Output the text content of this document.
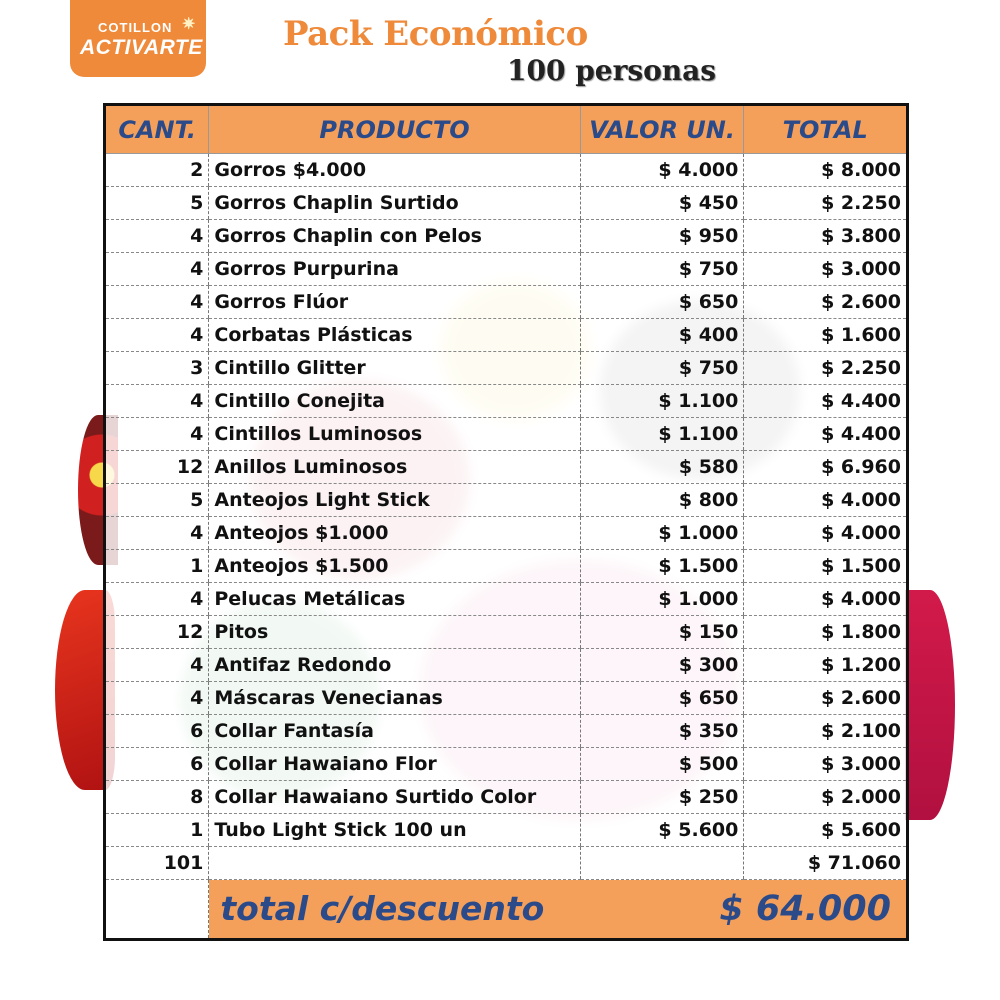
COTILLON ✷
ACTIVARTE Pack Económico
100 personas
CANT.	PRODUCTO	VALOR UN.	TOTAL
2	Gorros $4.000	$ 4.000	$ 8.000
5	Gorros Chaplin Surtido	$ 450	$ 2.250
4	Gorros Chaplin con Pelos	$ 950	$ 3.800
4	Gorros Purpurina	$ 750	$ 3.000
4	Gorros Flúor	$ 650	$ 2.600
4	Corbatas Plásticas	$ 400	$ 1.600
3	Cintillo Glitter	$ 750	$ 2.250
4	Cintillo Conejita	$ 1.100	$ 4.400
4	Cintillos Luminosos	$ 1.100	$ 4.400
12	Anillos Luminosos	$ 580	$ 6.960
5	Anteojos Light Stick	$ 800	$ 4.000
4	Anteojos $1.000	$ 1.000	$ 4.000
1	Anteojos $1.500	$ 1.500	$ 1.500
4	Pelucas Metálicas	$ 1.000	$ 4.000
12	Pitos	$ 150	$ 1.800
4	Antifaz Redondo	$ 300	$ 1.200
4	Máscaras Venecianas	$ 650	$ 2.600
6	Collar Fantasía	$ 350	$ 2.100
6	Collar Hawaiano Flor	$ 500	$ 3.000
8	Collar Hawaiano Surtido Color	$ 250	$ 2.000
1	Tubo Light Stick 100 un	$ 5.600	$ 5.600
101			$ 71.060
	total c/descuento $ 64.000		
